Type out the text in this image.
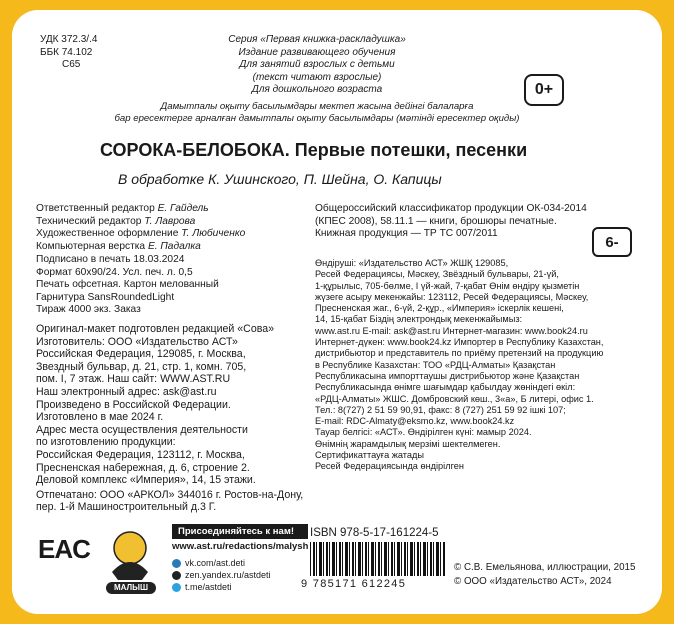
УДК 372.3/.4
ББК 74.102
С65
Серия «Первая книжка-раскладушка»
Издание развивающего обучения
Для занятий взрослых с детьми
(текст читают взрослые)
Для дошкольного возраста	0+
Дамытпалы оқыту басылымдары мектеп жасына дейінгі балаларға
бар ересектерге арналған дамытпалы оқыту басылымдары (мәтінді ересектер оқиды)
СОРОКА-БЕЛОБОКА. Первые потешки, песенки
В обработке К. Ушинского, П. Шейна, О. Капицы
Ответственный редактор Е. Гайдель
Технический редактор Т. Лаврова
Художественное оформление Т. Любиченко
Компьютерная верстка Е. Падалка
Подписано в печать 18.03.2024
Формат 60х90/24. Усл. печ. л. 0,5
Печать офсетная. Картон мелованный
Гарнитура SansRoundedLight
Тираж 4000 экз. Заказ
Оригинал-макет подготовлен редакцией «Сова»
Изготовитель: ООО «Издательство АСТ»
Российская Федерация, 129085, г. Москва,
Звездный бульвар, д. 21, стр. 1, комн. 705,
пом. I, 7 этаж. Наш сайт: WWW.AST.RU
Наш электронный адрес: ask@ast.ru
Произведено в Российской Федерации.
Изготовлено в мае 2024 г.
Адрес места осуществления деятельности
по изготовлению продукции:
Российская Федерация, 123112, г. Москва,
Пресненская набережная, д. 6, строение 2.
Деловой комплекс «Империя», 14, 15 этажи.
Отпечатано: ООО «АРКОЛ» 344016 г. Ростов-на-Дону,
пер. 1-й Машиностроительный д.3 Г.
Общероссийский классификатор продукции ОК-034-2014
(КПЕС 2008), 58.11.1 — книги, брошюры печатные.
Книжная продукция — ТР ТС 007/2011	6-
Өндіруші: «Издательство АСТ» ЖШҚ 129085,
Ресей Федерациясы, Мәскеу, Звёздный бульвары, 21-үй,
1-құрылыс, 705-бөлме, I үй-жай, 7-қабат Өнім өндіру қызметін
жүзеге асыру мекенжайы: 123112, Ресей Федерациясы, Мәскеу,
Пресненская жаг., 6-үй, 2-құр., «Империя» іскерлік кешені,
14, 15-қабат Біздің электрондық мекенжайымыз:
www.ast.ru E-mail: ask@ast.ru Интернет-магазин: www.book24.ru
Интернет-дүкен: www.book24.kz Импортер в Республику Казахстан,
дистрибьютор и представитель по приёму претензий на продукцию
в Республике Казахстан: ТОО «РДЦ-Алматы» Қазақстан
Республикасына импорттаушы дистрибьютор және Қазақстан
Республикасында өнімге шағымдар қабылдау жөніндегі өкіл:
«РДЦ-Алматы» ЖШС. Домбровский көш., 3«а», Б литері, офис 1.
Тел.: 8(727) 2 51 59 90,91, факс: 8 (727) 251 59 92 ішкі 107;
E-mail: RDC-Almaty@eksmo.kz, www.book24.kz
Тауар белгісі: «АСТ». Өндірілген күні: мамыр 2024.
Өнімнің жарамдылық мерзімі шектелмеген.
Сертификаттауға жатады
Ресей Федерациясында өндірілген
EAC
МАЛЫШ
Присоединяйтесь к нам!
www.ast.ru/redactions/malysh
vk.com/ast.deti
zen.yandex.ru/astdeti
t.me/astdeti
ISBN 978-5-17-161224-5
9 785171 612245
© С.В. Емельянова, иллюстрации, 2015
© ООО «Издательство АСТ», 2024
